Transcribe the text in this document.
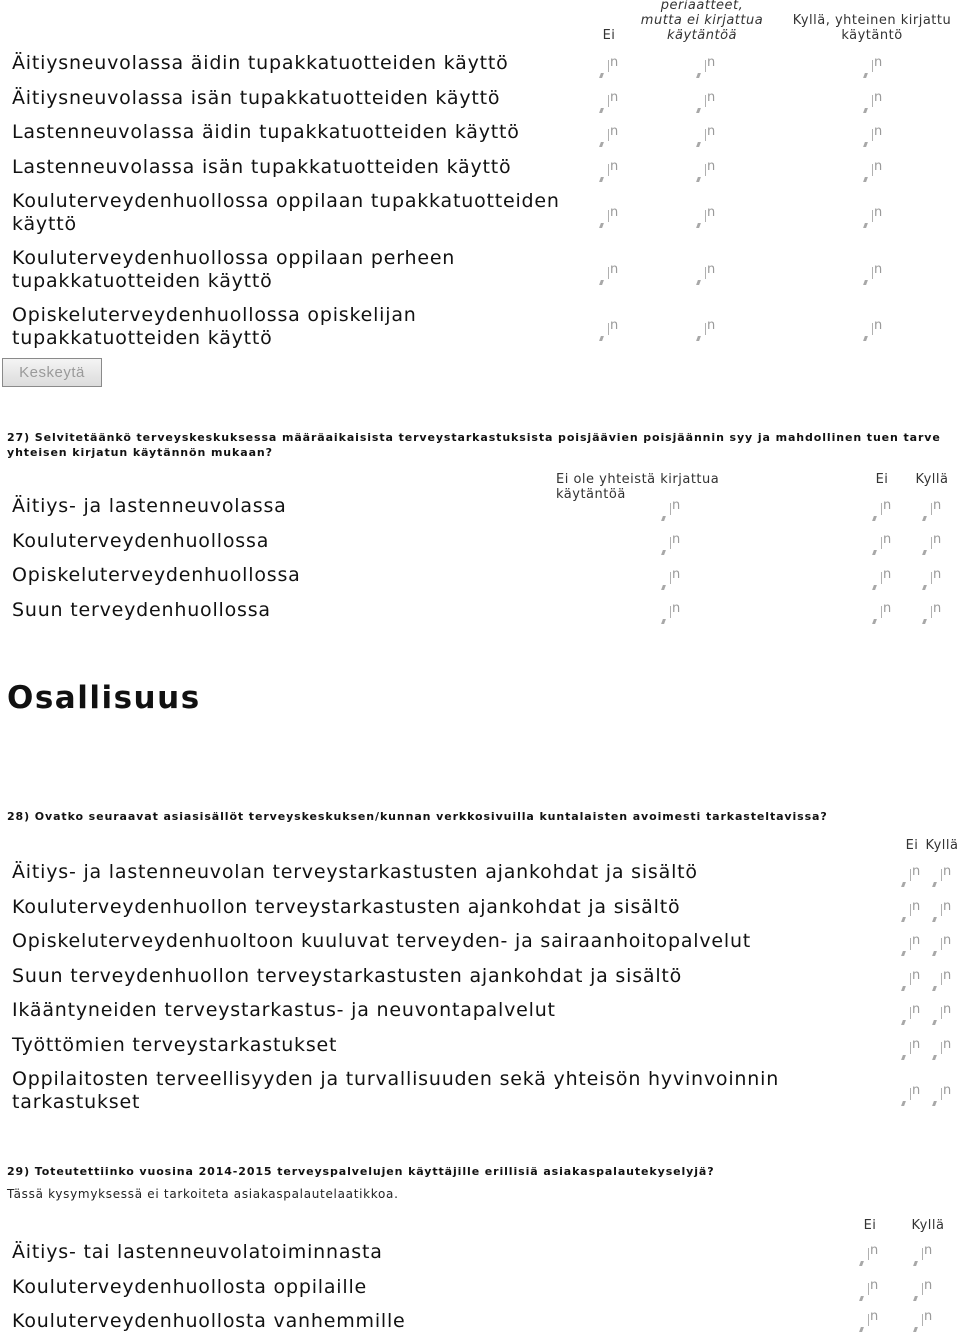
Ei
periaatteet,
mutta ei kirjattua
käytäntöä
Kyllä, yhteinen kirjattu
käytäntö
Äitiysneuvolassa äidin tupakkatuotteiden käyttö
Äitiysneuvolassa isän tupakkatuotteiden käyttö
Lastenneuvolassa äidin tupakkatuotteiden käyttö
Lastenneuvolassa isän tupakkatuotteiden käyttö
Kouluterveydenhuollossa oppilaan tupakkatuotteiden käyttö
Kouluterveydenhuollossa oppilaan perheen tupakkatuotteiden käyttö
Opiskeluterveydenhuollossa opiskelijan tupakkatuotteiden käyttö
n
n
n
n
n
n
n
n
n
n
n
n
n
n
n
n
n
n
n
n
n
Keskeytä
27) Selvitetäänkö terveyskeskuksessa määräaikaisista terveystarkastuksista poisjäävien poisjäännin syy ja mahdollinen tuen tarve yhteisen kirjatun käytännön mukaan?
Ei ole yhteistä kirjattua käytäntöä
Ei Kyllä
Äitiys- ja lastenneuvolassa
Kouluterveydenhuollossa
Opiskeluterveydenhuollossa
Suun terveydenhuollossa
n
n
n
n
n
n
n
n
n
n
n
n
Osallisuus
28) Ovatko seuraavat asiasisällöt terveyskeskuksen/kunnan verkkosivuilla kuntalaisten avoimesti tarkasteltavissa?
Ei Kyllä
Äitiys- ja lastenneuvolan terveystarkastusten ajankohdat ja sisältö
Kouluterveydenhuollon terveystarkastusten ajankohdat ja sisältö
Opiskeluterveydenhuoltoon kuuluvat terveyden- ja sairaanhoitopalvelut
Suun terveydenhuollon terveystarkastusten ajankohdat ja sisältö
Ikääntyneiden terveystarkastus- ja neuvontapalvelut
Työttömien terveystarkastukset
Oppilaitosten terveellisyyden ja turvallisuuden sekä yhteisön hyvinvoinnin tarkastukset
n
n
n
n
n
n
n
n
n
n
n
n
n
n
29) Toteutettiinko vuosina 2014-2015 terveyspalvelujen käyttäjille erillisiä asiakaspalautekyselyjä?
Tässä kysymyksessä ei tarkoiteta asiakaspalautelaatikkoa.
Ei	Kyllä
Äitiys- tai lastenneuvolatoiminnasta
Kouluterveydenhuollosta oppilaille
Kouluterveydenhuollosta vanhemmille
n
n
n
n
n
n
